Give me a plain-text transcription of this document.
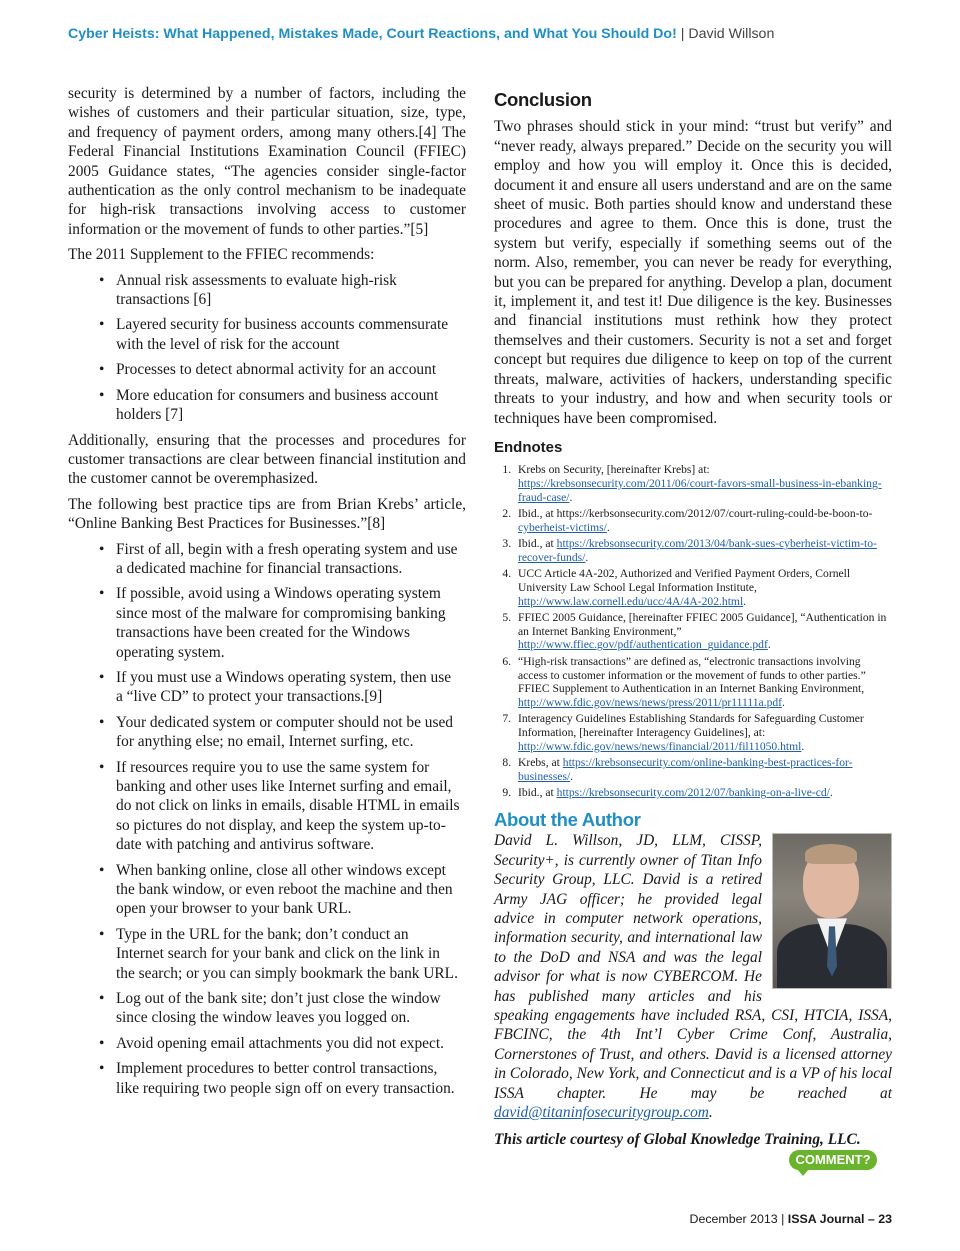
Cyber Heists: What Happened, Mistakes Made, Court Reactions, and What You Should Do! | David Willson

security is determined by a number of factors, including the wishes of customers and their particular situation, size, type, and frequency of payment orders, among many others.[4] The Federal Financial Institutions Examination Council (FFIEC) 2005 Guidance states, “The agencies consider single-factor authentication as the only control mechanism to be inadequate for high-risk transactions involving access to customer information or the movement of funds to other parties.”[5]

The 2011 Supplement to the FFIEC recommends:

• Annual risk assessments to evaluate high-risk transactions [6]
• Layered security for business accounts commensurate with the level of risk for the account
• Processes to detect abnormal activity for an account
• More education for consumers and business account holders [7]

Additionally, ensuring that the processes and procedures for customer transactions are clear between financial institution and the customer cannot be overemphasized.

The following best practice tips are from Brian Krebs’ article, “Online Banking Best Practices for Businesses.”[8]

• First of all, begin with a fresh operating system and use a dedicated machine for financial transactions.
• If possible, avoid using a Windows operating system since most of the malware for compromising banking transactions have been created for the Windows operating system.
• If you must use a Windows operating system, then use a “live CD” to protect your transactions.[9]
• Your dedicated system or computer should not be used for anything else; no email, Internet surfing, etc.
• If resources require you to use the same system for banking and other uses like Internet surfing and email, do not click on links in emails, disable HTML in emails so pictures do not display, and keep the system up-to-date with patching and antivirus software.
• When banking online, close all other windows except the bank window, or even reboot the machine and then open your browser to your bank URL.
• Type in the URL for the bank; don’t conduct an Internet search for your bank and click on the link in the search; or you can simply bookmark the bank URL.
• Log out of the bank site; don’t just close the window since closing the window leaves you logged on.
• Avoid opening email attachments you did not expect.
• Implement procedures to better control transactions, like requiring two people sign off on every transaction.
Conclusion

Two phrases should stick in your mind: “trust but verify” and “never ready, always prepared.” Decide on the security you will employ and how you will employ it. Once this is decided, document it and ensure all users understand and are on the same sheet of music. Both parties should know and understand these procedures and agree to them. Once this is done, trust the system but verify, especially if something seems out of the norm. Also, remember, you can never be ready for everything, but you can be prepared for anything. Develop a plan, document it, implement it, and test it! Due diligence is the key. Businesses and financial institutions must rethink how they protect themselves and their customers. Security is not a set and forget concept but requires due diligence to keep on top of the current threats, malware, activities of hackers, understanding specific threats to your industry, and how and when security tools or techniques have been compromised.

Endnotes
1. Krebs on Security, [hereinafter Krebs] at: https://krebsonsecurity.com/2011/06/court-favors-small-business-in-ebanking-fraud-case/.
2. Ibid., at https://kerbsonsecurity.com/2012/07/court-ruling-could-be-boon-to-cyberheist-victims/.
3. Ibid., at https://krebsonsecurity.com/2013/04/bank-sues-cyberheist-victim-to-recover-funds/.
4. UCC Article 4A-202, Authorized and Verified Payment Orders, Cornell University Law School Legal Information Institute, http://www.law.cornell.edu/ucc/4A/4A-202.html.
5. FFIEC 2005 Guidance, [hereinafter FFIEC 2005 Guidance], “Authentication in an Internet Banking Environment,” http://www.ffiec.gov/pdf/authentication_guidance.pdf.
6. “High-risk transactions” are defined as, “electronic transactions involving access to customer information or the movement of funds to other parties.” FFIEC Supplement to Authentication in an Internet Banking Environment, http://www.fdic.gov/news/news/press/2011/pr11111a.pdf.
7. Interagency Guidelines Establishing Standards for Safeguarding Customer Information, [hereinafter Interagency Guidelines], at: http://www.fdic.gov/news/news/financial/2011/fil11050.html.
8. Krebs, at https://krebsonsecurity.com/online-banking-best-practices-for-businesses/.
9. Ibid., at https://krebsonsecurity.com/2012/07/banking-on-a-live-cd/.
About the Author
David L. Willson, JD, LLM, CISSP, Security+, is currently owner of Titan Info Security Group, LLC. David is a retired Army JAG officer; he provided legal advice in computer network operations, information security, and international law to the DoD and NSA and was the legal advisor for what is now CYBERCOM. He has published many articles and his speaking engagements have included RSA, CSI, HTCIA, ISSA, FBCINC, the 4th Int’l Cyber Crime Conf, Australia, Cornerstones of Trust, and others. David is a licensed attorney in Colorado, New York, and Connecticut and is a VP of his local ISSA chapter. He may be reached at david@titaninfosecuritygroup.com.
This article courtesy of Global Knowledge Training, LLC.
COMMENT?
December 2013 | ISSA Journal – 23
